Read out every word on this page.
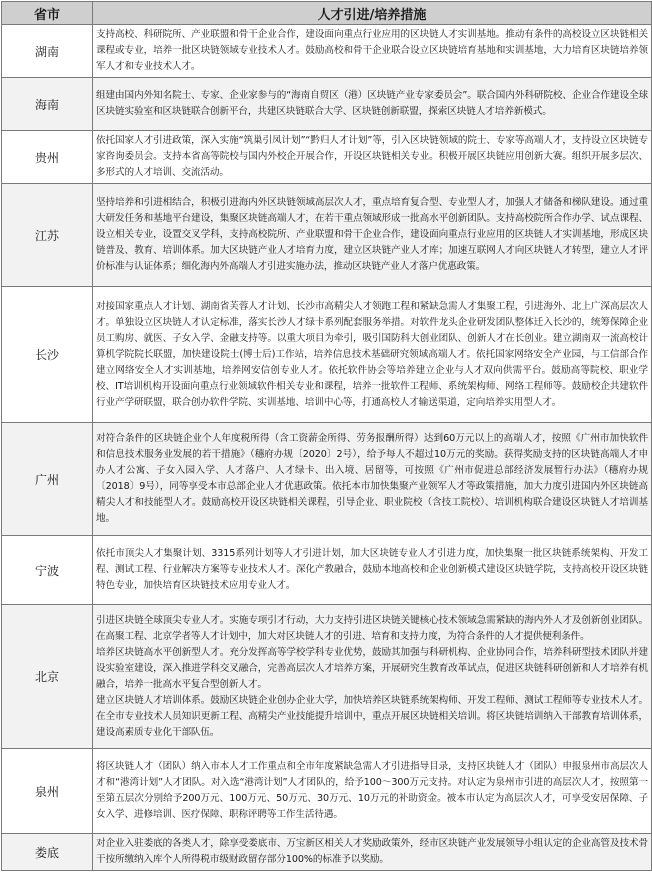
省市	人才引进/培养措施
湖南	支持高校、科研院所、产业联盟和骨干企业合作，建设面向重点行业应用的区块链人才实训基地。推动有条件的高校设立区块链相关课程或专业，培养一批区块链领域专业技术人才。鼓励高校和骨干企业联合设立区块链培育基地和实训基地，大力培育区块链培养领军人才和专业技术人才。
海南	组建由国内外知名院士、专家、企业家参与的“海南自贸区（港）区块链产业专家委员会”。联合国内外科研院校、企业合作建设全球区块链实验室和区块链联合创新平台，共建区块链联合大学、区块链创新联盟，探索区块链人才培养新模式。
贵州	依托国家人才引进政策，深入实施“筑巢引凤计划”“黔归人才计划”等，引入区块链领域的院士、专家等高端人才，支持设立区块链专家咨询委员会。支持本省高等院校与国内外校企开展合作，开设区块链相关专业。积极开展区块链应用创新大赛。组织开展多层次、多形式的人才培训、交流活动。
江苏	坚持培养和引进相结合，积极引进海内外区块链领域高层次人才，重点培育复合型、专业型人才，加强人才储备和梯队建设。通过重大研发任务和基地平台建设，集聚区块链高端人才，在若干重点领域形成一批高水平创新团队。支持高校院所合作办学、试点课程、设立相关专业，设置交叉学科，支持高校院所、产业联盟和骨干企业合作，建设面向重点行业应用的区块链人才实训基地，形成区块链普及、教育、培训体系。加大区块链产业人才培育力度，建立区块链产业人才库；加速互联网人才向区块链人才转型，建立人才评价标准与认证体系；细化海内外高端人才引进实施办法，推动区块链产业人才落户优惠政策。
长沙	对接国家重点人才计划、湖南省芙蓉人才计划、长沙市高精尖人才领跑工程和紧缺急需人才集聚工程，引进海外、北上广深高层次人才。单独设立区块链人才认定标准，落实长沙人才绿卡系列配套服务举措。对软件龙头企业研发团队整体迁入长沙的，统筹保障企业员工购房、就医、子女入学、金融支持等。以重大项目为牵引，吸引国防科大创业团队、创新人才在长创业。建立湖南双一流高校计算机学院院长联盟，加快建设院士(博士后)工作站，培养信息技术基础研究领域高端人才。依托国家网络安全产业园，与工信部合作建立网络安全人才实训基地，培养网安信创专业人才。依托软件协会等培养建立企业与人才双向供需平台。鼓励高等院校、职业学校、IT培训机构开设面向重点行业领域软件相关专业和课程，培养一批软件工程师、系统架构师、网络工程师等。鼓励校企共建软件行业产学研联盟，联合创办软件学院、实训基地、培训中心等，打通高校人才输送渠道，定向培养实用型人才。
广州	对符合条件的区块链企业个人年度税所得（含工资薪金所得、劳务报酬所得）达到60万元以上的高端人才，按照《广州市加快软件和信息技术服务业发展的若干措施》（穗府办规〔2020〕2号），给予每人不超过10万元的奖励。获得奖励支持的区块链高端人才申办人才公寓、子女入园入学、人才落户、人才绿卡、出入境、居留等，可按照《广州市促进总部经济发展暂行办法》（穗府办规〔2018〕9号），同等享受本市总部企业人才优惠政策。依托本市加快集聚产业领军人才等政策措施，加大力度引进国内外区块链高精尖人才和技能型人才。鼓励高校开设区块链相关课程，引导企业、职业院校（含技工院校）、培训机构联合建设区块链人才培训基地。
宁波	依托市顶尖人才集聚计划、3315系列计划等人才引进计划，加大区块链专业人才引进力度，加快集聚一批区块链系统架构、开发工程、测试工程、行业解决方案等专业技术人才。深化产教融合，鼓励本地高校和企业创新模式建设区块链学院，支持高校开设区块链特色专业，加快培育区块链技术应用专业人才。
北京	引进区块链全球顶尖专业人才。实施专项引才行动，大力支持引进区块链关键核心技术领域急需紧缺的海内外人才及创新创业团队。在高聚工程、北京学者等人才计划中，加大对区块链人才的引进、培育和支持力度，为符合条件的人才提供便利条件。
培养区块链高水平创新型人才。充分发挥高等学校学科专业优势，鼓励其加强与科研机构、企业协同合作，培养科研型技术团队并建设实验室建设，深入推进学科交叉融合，完善高层次人才培养方案，开展研究生教育改革试点，促进区块链科研创新和人才培养有机融合，培养一批高水平复合型创新人才。
建立区块链人才培训体系。鼓励区块链企业创办企业大学，加快培养区块链系统架构师、开发工程师、测试工程师等专业技术人才。在全市专业技术人员知识更新工程、高精尖产业技能提升培训中，重点开展区块链相关培训。将区块链培训纳入干部教育培训体系，建设高素质专业化干部队伍。
泉州	将区块链人才（团队）纳入市本人才工作重点和全市年度紧缺急需人才引进指导目录，支持区块链人才（团队）申报泉州市高层次人才和“港湾计划”人才团队。对入选“港湾计划”人才团队的，给予100～300万元支持。对认定为泉州市引进的高层次人才，按照第一至第五层次分别给予200万元、100万元、50万元、30万元、10万元的补助资金。被本市认定为高层次人才，可享受安居保障、子女入学、进修培训、医疗保障、职称评聘等工作生活待遇。
娄底	对企业入驻娄底的各类人才，除享受娄底市、万宝新区相关人才奖励政策外，经市区块链产业发展领导小组认定的企业高管及技术骨干按所缴纳入库个人所得税市级财政留存部分100%的标准予以奖励。
